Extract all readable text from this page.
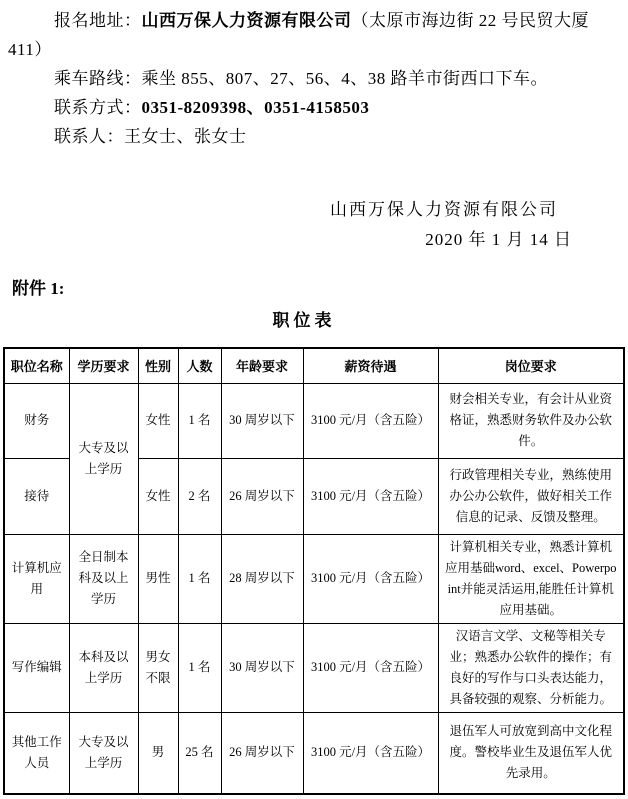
报名地址：山西万保人力资源有限公司（太原市海边街 22 号民贸大厦 411）

乘车路线：乘坐 855、807、27、56、4、38 路羊市街西口下车。

联系方式：0351-8209398、0351-4158503

联系人：王女士、张女士

山西万保人力资源有限公司
2020 年 1 月 14 日
附件 1:
职位表
职位名称	学历要求	性别	人数	年龄要求	薪资待遇	岗位要求
财务	大专及以上学历	女性	1 名	30 周岁以下	3100 元/月（含五险）	财会相关专业，有会计从业资格证，熟悉财务软件及办公软件。
接待		女性	2 名	26 周岁以下	3100 元/月（含五险）	行政管理相关专业，熟练使用办公办公软件，做好相关工作信息的记录、反馈及整理。
计算机应用	全日制本科及以上学历	男性	1 名	28 周岁以下	3100 元/月（含五险）	计算机相关专业，熟悉计算机应用基础word、excel、Powerpoint并能灵活运用,能胜任计算机应用基础。
写作编辑	本科及以上学历	男女不限	1 名	30 周岁以下	3100 元/月（含五险）	汉语言文学、文秘等相关专业；熟悉办公软件的操作；有良好的写作与口头表达能力，具备较强的观察、分析能力。
其他工作人员	大专及以上学历	男	25 名	26 周岁以下	3100 元/月（含五险）	退伍军人可放宽到高中文化程度。警校毕业生及退伍军人优先录用。
